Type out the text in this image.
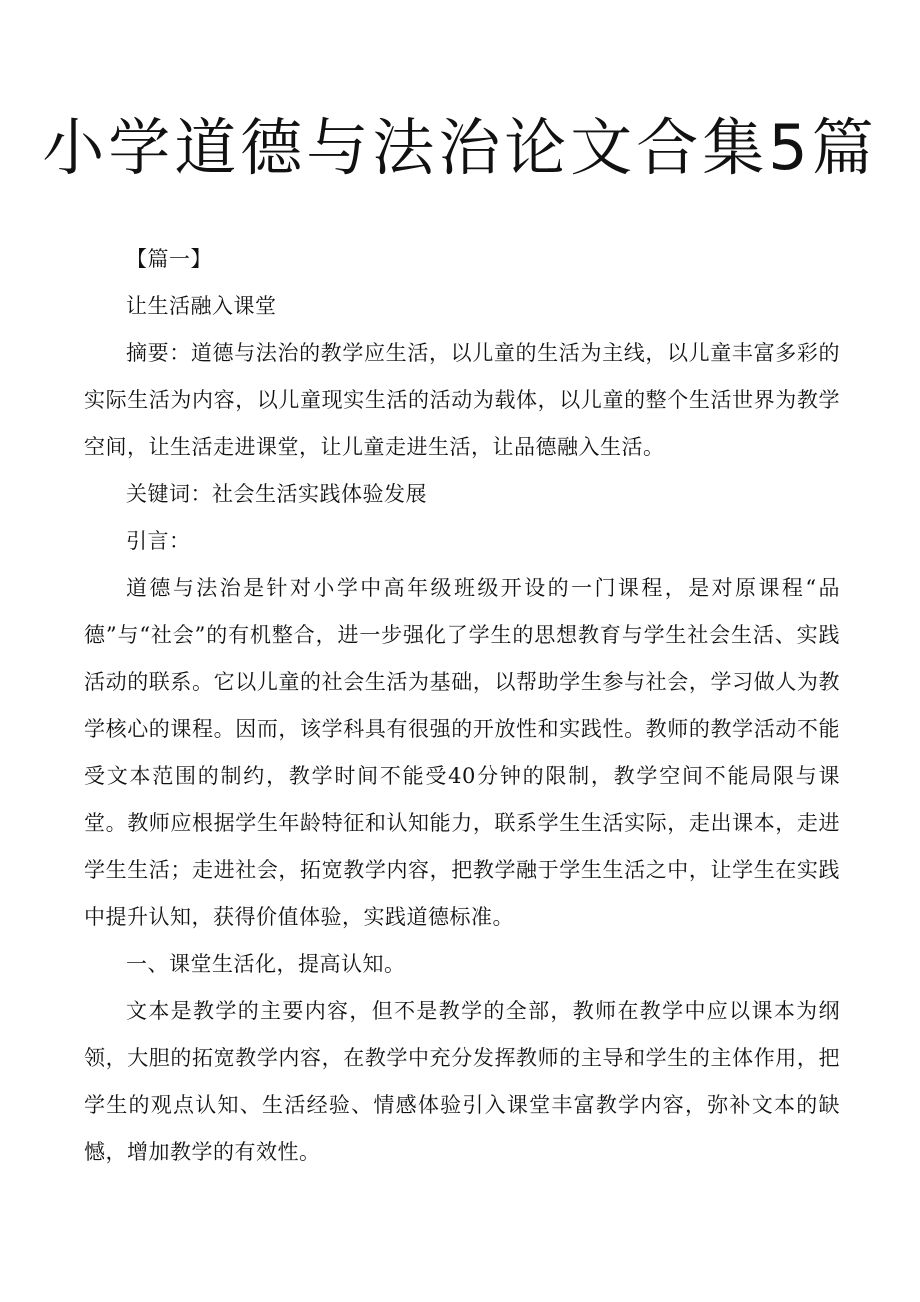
小学道德与法治论文合集5篇

【篇一】

让生活融入课堂

摘要：道德与法治的教学应生活，以儿童的生活为主线，以儿童丰富多彩的实际生活为内容，以儿童现实生活的活动为载体，以儿童的整个生活世界为教学空间，让生活走进课堂，让儿童走进生活，让品德融入生活。

关键词：社会生活实践体验发展

引言：

道德与法治是针对小学中高年级班级开设的一门课程，是对原课程“品德”与“社会”的有机整合，进一步强化了学生的思想教育与学生社会生活、实践活动的联系。它以儿童的社会生活为基础，以帮助学生参与社会，学习做人为教学核心的课程。因而，该学科具有很强的开放性和实践性。教师的教学活动不能受文本范围的制约，教学时间不能受40分钟的限制，教学空间不能局限与课堂。教师应根据学生年龄特征和认知能力，联系学生生活实际，走出课本，走进学生生活；走进社会，拓宽教学内容，把教学融于学生生活之中，让学生在实践中提升认知，获得价值体验，实践道德标准。

一、课堂生活化，提高认知。

文本是教学的主要内容，但不是教学的全部，教师在教学中应以课本为纲领，大胆的拓宽教学内容，在教学中充分发挥教师的主导和学生的主体作用，把学生的观点认知、生活经验、情感体验引入课堂丰富教学内容，弥补文本的缺憾，增加教学的有效性。
